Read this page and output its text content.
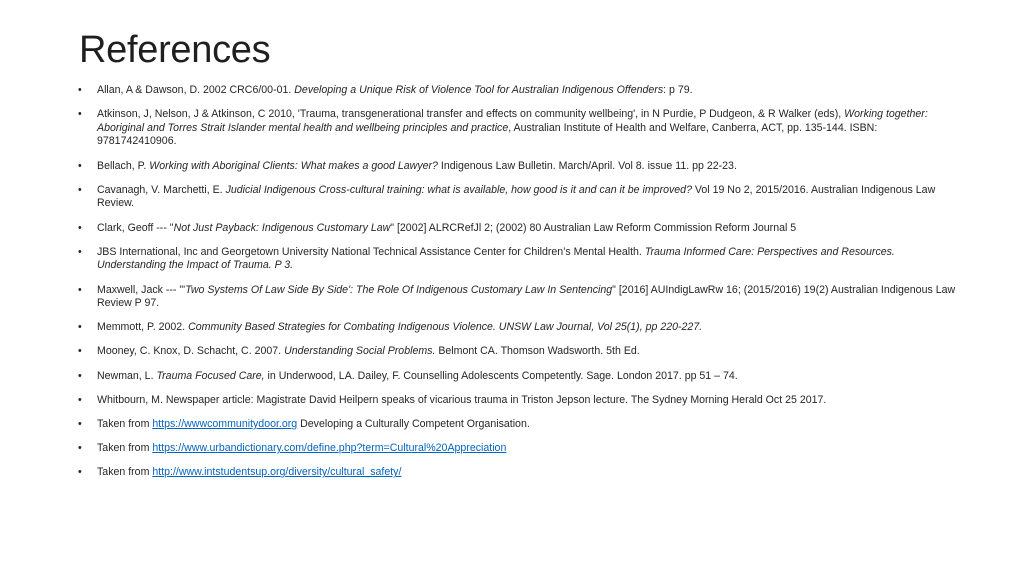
References
• Allan, A & Dawson, D. 2002 CRC6/00-01. Developing a Unique Risk of Violence Tool for Australian Indigenous Offenders: p 79.
• Atkinson, J, Nelson, J & Atkinson, C 2010, 'Trauma, transgenerational transfer and effects on community wellbeing', in N Purdie, P Dudgeon, & R Walker (eds), Working together: Aboriginal and Torres Strait Islander mental health and wellbeing principles and practice, Australian Institute of Health and Welfare, Canberra, ACT, pp. 135-144. ISBN: 9781742410906.
• Bellach, P. Working with Aboriginal Clients: What makes a good Lawyer? Indigenous Law Bulletin. March/April. Vol 8. issue 11. pp 22-23.
• Cavanagh, V. Marchetti, E. Judicial Indigenous Cross-cultural training: what is available, how good is it and can it be improved? Vol 19 No 2, 2015/2016. Australian Indigenous Law Review.
• Clark, Geoff --- "Not Just Payback: Indigenous Customary Law" [2002] ALRCRefJl 2; (2002) 80 Australian Law Reform Commission Reform Journal 5
• JBS International, Inc and Georgetown University National Technical Assistance Center for Children’s Mental Health. Trauma Informed Care: Perspectives and Resources. Understanding the Impact of Trauma. P 3.
• Maxwell, Jack --- "'Two Systems Of Law Side By Side': The Role Of Indigenous Customary Law In Sentencing" [2016] AUIndigLawRw 16; (2015/2016) 19(2) Australian Indigenous Law Review P 97.
• Memmott, P. 2002. Community Based Strategies for Combating Indigenous Violence. UNSW Law Journal, Vol 25(1), pp 220-227.
• Mooney, C. Knox, D. Schacht, C. 2007. Understanding Social Problems. Belmont CA. Thomson Wadsworth. 5th Ed.
• Newman, L. Trauma Focused Care, in Underwood, LA. Dailey, F. Counselling Adolescents Competently. Sage. London 2017. pp 51 – 74.
• Whitbourn, M. Newspaper article: Magistrate David Heilpern speaks of vicarious trauma in Triston Jepson lecture. The Sydney Morning Herald Oct 25 2017.
• Taken from https://wwwcommunitydoor.org Developing a Culturally Competent Organisation.
• Taken from https://www.urbandictionary.com/define.php?term=Cultural%20Appreciation
• Taken from http://www.intstudentsup.org/diversity/cultural_safety/
